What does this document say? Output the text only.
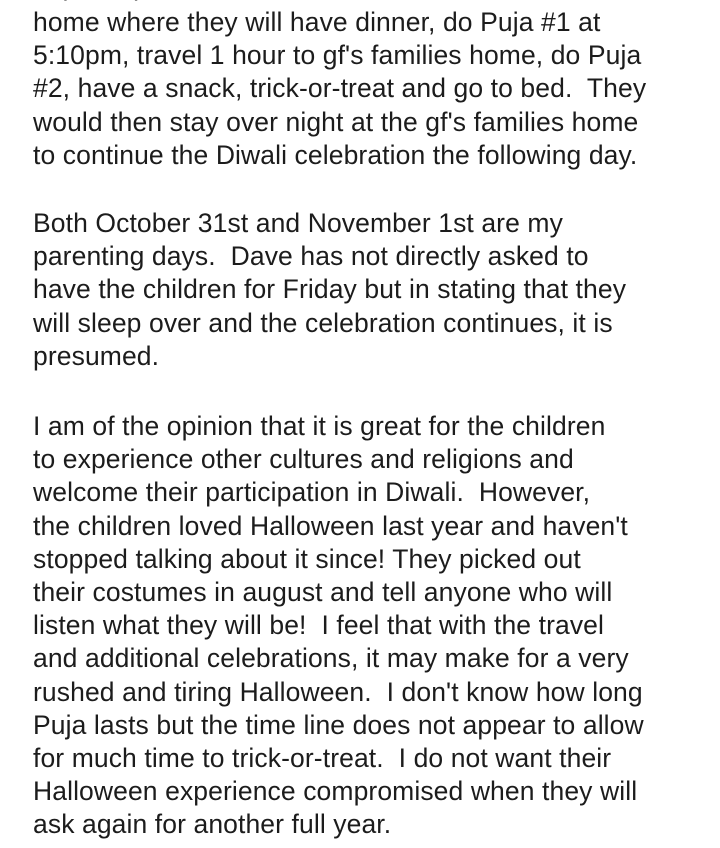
home where they will have dinner, do Puja #1 at
5:10pm, travel 1 hour to gf's families home, do Puja
#2, have a snack, trick-or-treat and go to bed.  They
would then stay over night at the gf's families home
to continue the Diwali celebration the following day.

Both October 31st and November 1st are my
parenting days.  Dave has not directly asked to
have the children for Friday but in stating that they
will sleep over and the celebration continues, it is
presumed.

I am of the opinion that it is great for the children
to experience other cultures and religions and
welcome their participation in Diwali.  However,
the children loved Halloween last year and haven't
stopped talking about it since! They picked out
their costumes in august and tell anyone who will
listen what they will be!  I feel that with the travel
and additional celebrations, it may make for a very
rushed and tiring Halloween.  I don't know how long
Puja lasts but the time line does not appear to allow
for much time to trick-or-treat.  I do not want their
Halloween experience compromised when they will
ask again for another full year.
